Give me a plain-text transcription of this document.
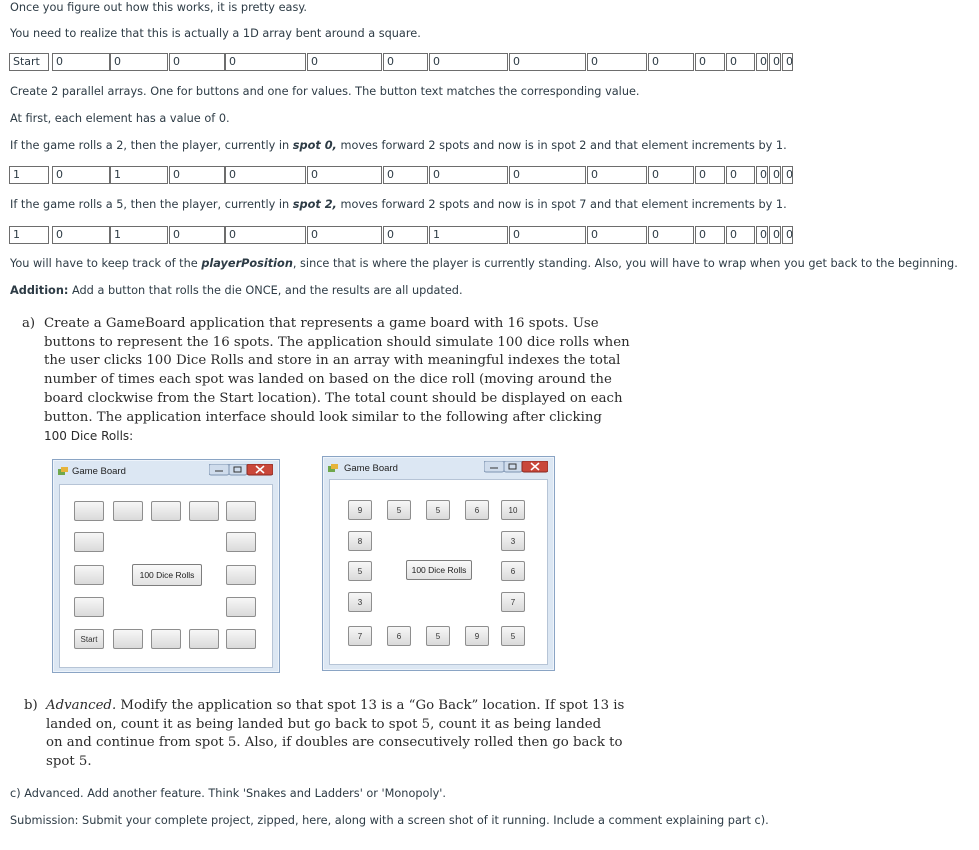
Once you figure out how this works, it is pretty easy.

You need to realize that this is actually a 1D array bent around a square.

Start	0	0	0	0	0	0	0	0	0	0	0	0	0 0 0

Create 2 parallel arrays. One for buttons and one for values. The button text matches the corresponding value.

At first, each element has a value of 0.

If the game rolls a 2, then the player, currently in spot 0, moves forward 2 spots and now is in spot 2 and that element increments by 1.

1	0	1	0	0	0	0	0	0	0	0	0	0	0 0 0

If the game rolls a 5, then the player, currently in spot 2, moves forward 2 spots and now is in spot 7 and that element increments by 1.

1	0	1	0	0	0	0	1	0	0	0	0	0	0 0 0

You will have to keep track of the playerPosition, since that is where the player is currently standing. Also, you will have to wrap when you get back to the beginning.

Addition: Add a button that rolls the die ONCE, and the results are all updated.

a) Create a GameBoard application that represents a game board with 16 spots. Use
buttons to represent the 16 spots. The application should simulate 100 dice rolls when
the user clicks 100 Dice Rolls and store in an array with meaningful indexes the total
number of times each spot was landed on based on the dice roll (moving around the
board clockwise from the Start location). The total count should be displayed on each
button. The application interface should look similar to the following after clicking
100 Dice Rolls:
Game Board
Start
100 Dice Rolls
Game Board
9	5	5	6	10
3
6
7
7	6	5	9	5
8
5
3
100 Dice Rolls
b) Advanced. Modify the application so that spot 13 is a “Go Back” location. If spot 13 is
landed on, count it as being landed but go back to spot 5, count it as being landed
on and continue from spot 5. Also, if doubles are consecutively rolled then go back to
spot 5.

c) Advanced. Add another feature. Think 'Snakes and Ladders' or 'Monopoly'.

Submission: Submit your complete project, zipped, here, along with a screen shot of it running. Include a comment explaining part c).
